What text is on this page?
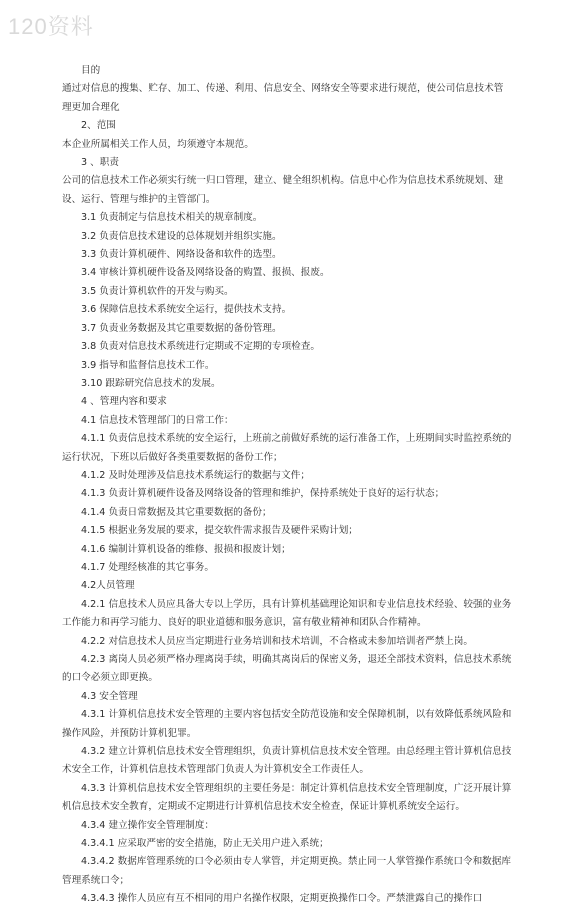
120资料

目的

通过对信息的搜集、贮存、加工、传递、利用、信息安全、网络安全等要求进行规范，使公司信息技术管理更加合理化

2、范围

本企业所属相关工作人员，均须遵守本规范。

3 、职责

公司的信息技术工作必须实行统一归口管理，建立、健全组织机构。信息中心作为信息技术系统规划、建设、运行、管理与维护的主管部门。

3.1 负责制定与信息技术相关的规章制度。

3.2 负责信息技术建设的总体规划并组织实施。

3.3 负责计算机硬件、网络设备和软件的选型。

3.4 审核计算机硬件设备及网络设备的购置、报损、报废。

3.5 负责计算机软件的开发与购买。

3.6 保障信息技术系统安全运行，提供技术支持。

3.7 负责业务数据及其它重要数据的备份管理。

3.8 负责对信息技术系统进行定期或不定期的专项检查。

3.9 指导和监督信息技术工作。

3.10 跟踪研究信息技术的发展。

4 、管理内容和要求

4.1 信息技术管理部门的日常工作：

4.1.1 负责信息技术系统的安全运行，上班前之前做好系统的运行准备工作，上班期间实时监控系统的运行状况，下班以后做好各类重要数据的备份工作；

4.1.2 及时处理涉及信息技术系统运行的数据与文件；

4.1.3 负责计算机硬件设备及网络设备的管理和维护，保持系统处于良好的运行状态；

4.1.4 负责日常数据及其它重要数据的备份；

4.1.5 根据业务发展的要求，提交软件需求报告及硬件采购计划；

4.1.6 编制计算机设备的维修、报损和报废计划；

4.1.7 处理经核准的其它事务。

4.2人员管理

4.2.1 信息技术人员应具备大专以上学历，具有计算机基础理论知识和专业信息技术经验、较强的业务工作能力和再学习能力、良好的职业道德和服务意识，富有敬业精神和团队合作精神。

4.2.2 对信息技术人员应当定期进行业务培训和技术培训，不合格或未参加培训者严禁上岗。

4.2.3 离岗人员必须严格办理离岗手续，明确其离岗后的保密义务，退还全部技术资料，信息技术系统的口令必须立即更换。

4.3 安全管理

4.3.1 计算机信息技术安全管理的主要内容包括安全防范设施和安全保障机制，以有效降低系统风险和操作风险，并预防计算机犯罪。

4.3.2 建立计算机信息技术安全管理组织，负责计算机信息技术安全管理。由总经理主管计算机信息技术安全工作，计算机信息技术管理部门负责人为计算机安全工作责任人。

4.3.3 计算机信息技术安全管理组织的主要任务是：制定计算机信息技术安全管理制度，广泛开展计算机信息技术安全教育，定期或不定期进行计算机信息技术安全检查，保证计算机系统安全运行。

4.3.4 建立操作安全管理制度：

4.3.4.1 应采取严密的安全措施，防止无关用户进入系统；

4.3.4.2 数据库管理系统的口令必须由专人掌管，并定期更换。禁止同一人掌管操作系统口令和数据库管理系统口令；

4.3.4.3 操作人员应有互不相同的用户名操作权限，定期更换操作口令。严禁泄露自己的操作口
